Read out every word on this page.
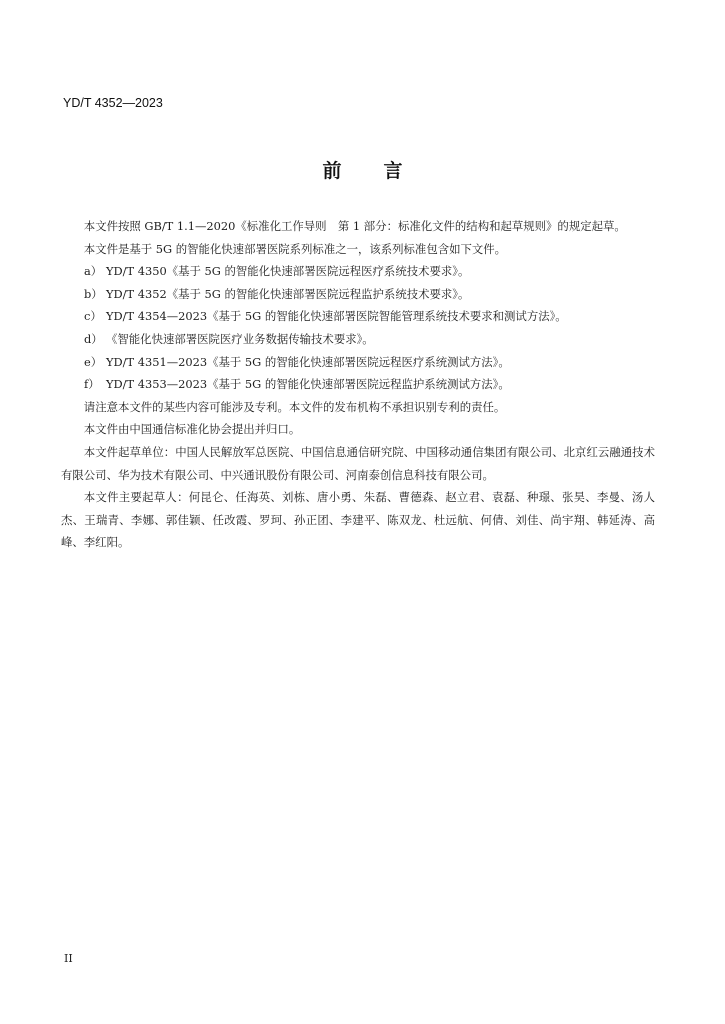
YD/T 4352—2023
前 言

本文件按照 GB/T 1.1—2020《标准化工作导则　第 1 部分：标准化文件的结构和起草规则》的规定起草。

本文件是基于 5G 的智能化快速部署医院系列标准之一，该系列标准包含如下文件。

a） YD/T 4350《基于 5G 的智能化快速部署医院远程医疗系统技术要求》。

b） YD/T 4352《基于 5G 的智能化快速部署医院远程监护系统技术要求》。

c） YD/T 4354—2023《基于 5G 的智能化快速部署医院智能管理系统技术要求和测试方法》。

d） 《智能化快速部署医院医疗业务数据传输技术要求》。

e） YD/T 4351—2023《基于 5G 的智能化快速部署医院远程医疗系统测试方法》。

f） YD/T 4353—2023《基于 5G 的智能化快速部署医院远程监护系统测试方法》。

请注意本文件的某些内容可能涉及专利。本文件的发布机构不承担识别专利的责任。

本文件由中国通信标准化协会提出并归口。

本文件起草单位：中国人民解放军总医院、中国信息通信研究院、中国移动通信集团有限公司、北京红云融通技术有限公司、华为技术有限公司、中兴通讯股份有限公司、河南泰创信息科技有限公司。

本文件主要起草人：何昆仑、任海英、刘栋、唐小勇、朱磊、曹德森、赵立君、袁磊、种璟、张昊、李曼、汤人杰、王瑞青、李娜、郭佳颖、任改霞、罗珂、孙正团、李建平、陈双龙、杜远航、何倩、刘佳、尚宇翔、韩延涛、高峰、李红阳。

II
